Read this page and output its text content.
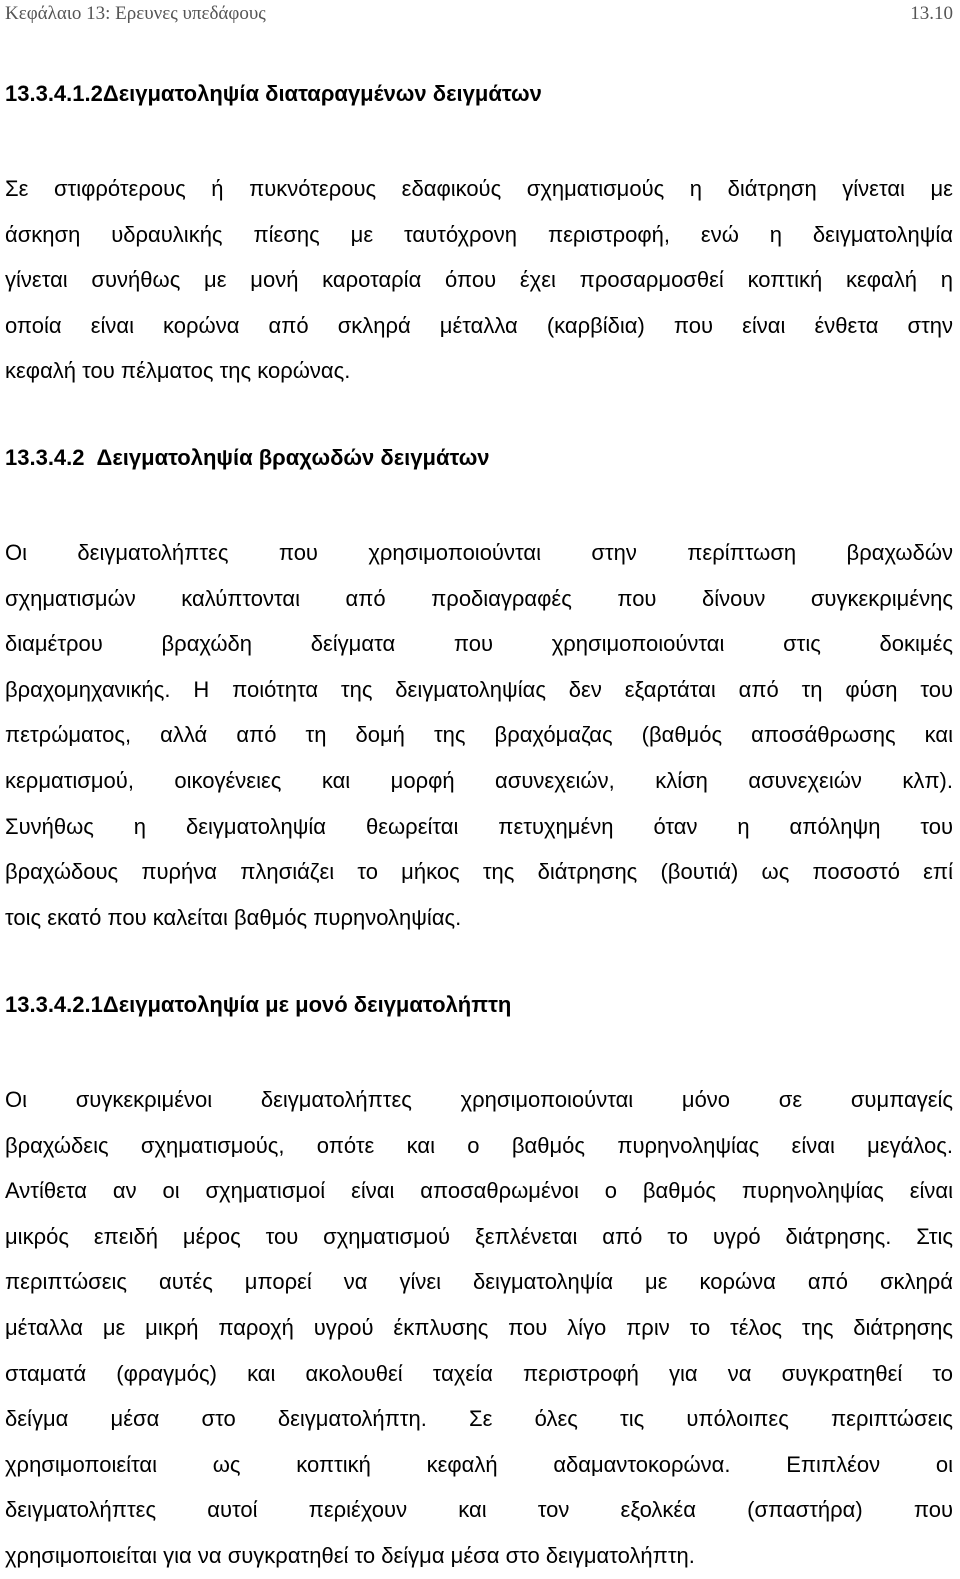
Κεφάλαιο 13: Ερευνες υπεδάφους	13.10
13.3.4.1.2Δειγματοληψία διαταραγμένων δειγμάτων
Σε στιφρότερους ή πυκνότερους εδαφικούς σχηματισμούς η διάτρηση γίνεται με
άσκηση υδραυλικής πίεσης με ταυτόχρονη περιστροφή, ενώ η δειγματοληψία
γίνεται συνήθως με μονή καροταρία όπου έχει προσαρμοσθεί κοπτική κεφαλή η
οποία είναι κορώνα από σκληρά μέταλλα (καρβίδια) που είναι ένθετα στην
κεφαλή του πέλματος της κορώνας.
13.3.4.2 Δειγματοληψία βραχωδών δειγμάτων
Οι δειγματολήπτες που χρησιμοποιούνται στην περίπτωση βραχωδών
σχηματισμών καλύπτονται από προδιαγραφές που δίνουν συγκεκριμένης
διαμέτρου βραχώδη δείγματα που χρησιμοποιούνται στις δοκιμές
βραχομηχανικής. Η ποιότητα της δειγματοληψίας δεν εξαρτάται από τη φύση του
πετρώματος, αλλά από τη δομή της βραχόμαζας (βαθμός αποσάθρωσης και
κερματισμού, οικογένειες και μορφή ασυνεχειών, κλίση ασυνεχειών κλπ).
Συνήθως η δειγματοληψία θεωρείται πετυχημένη όταν η απόληψη του
βραχώδους πυρήνα πλησιάζει το μήκος της διάτρησης (βουτιά) ως ποσοστό επί
τοις εκατό που καλείται βαθμός πυρηνοληψίας.
13.3.4.2.1Δειγματοληψία με μονό δειγματολήπτη
Οι συγκεκριμένοι δειγματολήπτες χρησιμοποιούνται μόνο σε συμπαγείς
βραχώδεις σχηματισμούς, οπότε και ο βαθμός πυρηνοληψίας είναι μεγάλος.
Αντίθετα αν οι σχηματισμοί είναι αποσαθρωμένοι ο βαθμός πυρηνοληψίας είναι
μικρός επειδή μέρος του σχηματισμού ξεπλένεται από το υγρό διάτρησης. Στις
περιπτώσεις αυτές μπορεί να γίνει δειγματοληψία με κορώνα από σκληρά
μέταλλα με μικρή παροχή υγρού έκπλυσης που λίγο πριν το τέλος της διάτρησης
σταματά (φραγμός) και ακολουθεί ταχεία περιστροφή για να συγκρατηθεί το
δείγμα μέσα στο δειγματολήπτη. Σε όλες τις υπόλοιπες περιπτώσεις
χρησιμοποιείται ως κοπτική κεφαλή αδαμαντοκορώνα. Επιπλέον οι
δειγματολήπτες αυτοί περιέχουν και τον εξολκέα (σπαστήρα) που
χρησιμοποιείται για να συγκρατηθεί το δείγμα μέσα στο δειγματολήπτη.
